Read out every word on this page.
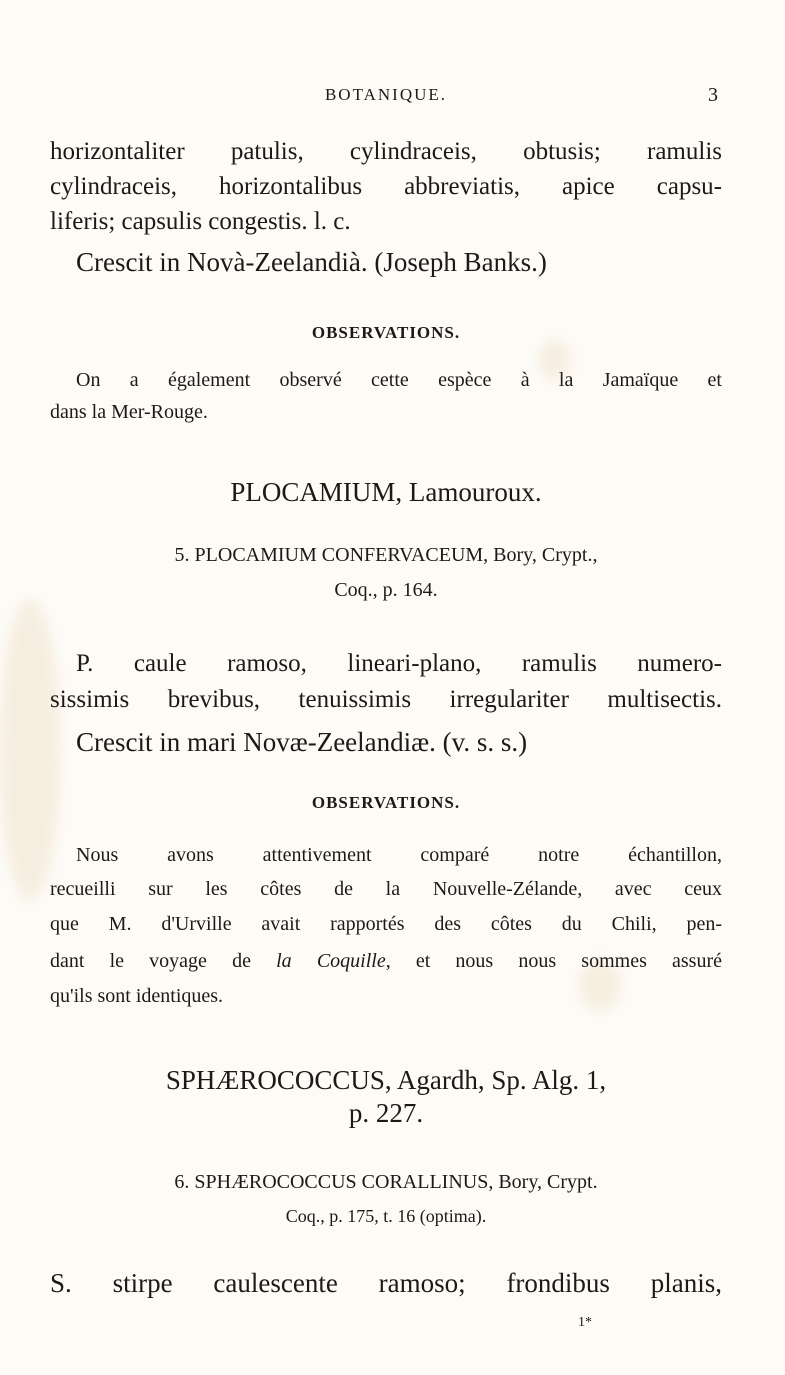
BOTANIQUE.	3
horizontaliter patulis, cylindraceis, obtusis; ramulis
cylindraceis, horizontalibus abbreviatis, apice capsu-
liferis; capsulis congestis. l. c.
Crescit in Novà-Zeelandià. (Joseph Banks.)
OBSERVATIONS.
On a également observé cette espèce à la Jamaïque et
dans la Mer-Rouge.
PLOCAMIUM, Lamouroux.
5. PLOCAMIUM CONFERVACEUM, Bory, Crypt.,
Coq., p. 164.
P. caule ramoso, lineari-plano, ramulis numero-
sissimis brevibus, tenuissimis irregulariter multisectis.
Crescit in mari Novæ-Zeelandiæ. (v. s. s.)
OBSERVATIONS.
Nous avons attentivement comparé notre échantillon,
recueilli sur les côtes de la Nouvelle-Zélande, avec ceux
que M. d'Urville avait rapportés des côtes du Chili, pen-
dant le voyage de la Coquille, et nous nous sommes assuré
qu'ils sont identiques.
SPHÆROCOCCUS, Agardh, Sp. Alg. 1,
p. 227.
6. SPHÆROCOCCUS CORALLINUS, Bory, Crypt.
Coq., p. 175, t. 16 (optima).
S. stirpe caulescente ramoso; frondibus planis,
1*
